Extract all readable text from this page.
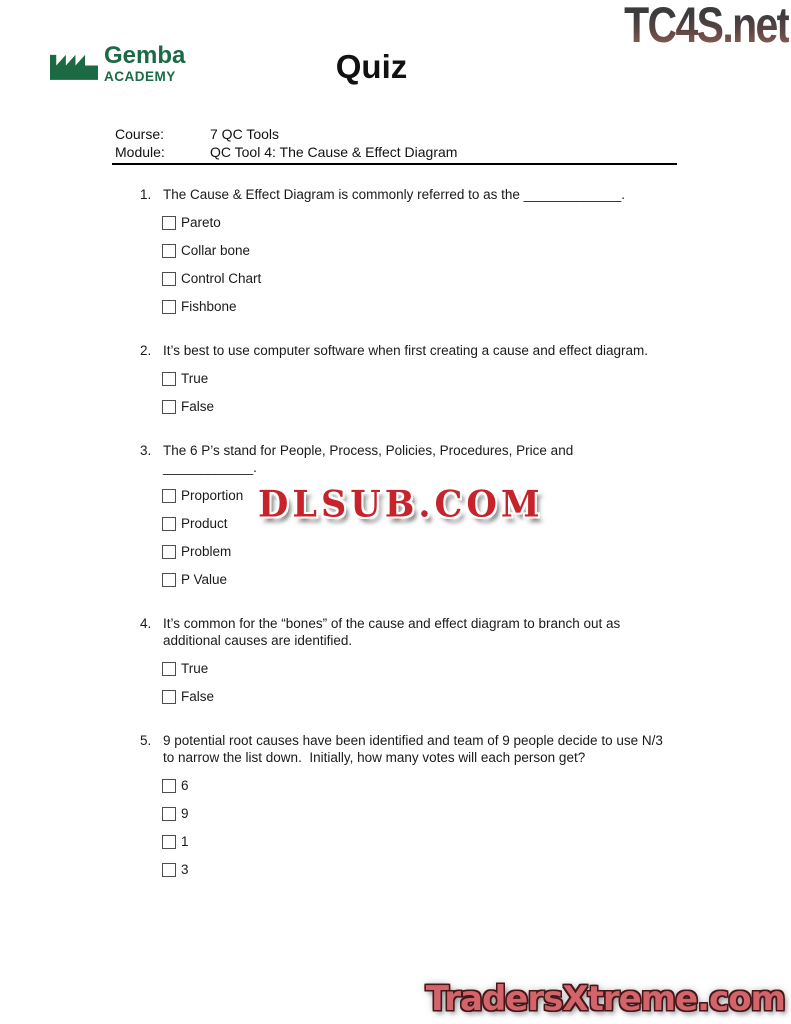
TC4S.net
Gemba
ACADEMY	Quiz
Course:	7 QC Tools
Module:	QC Tool 4: The Cause & Effect Diagram
1. The Cause & Effect Diagram is commonly referred to as the _____________.
Pareto
Collar bone
Control Chart
Fishbone
2. It’s best to use computer software when first creating a cause and effect diagram.
True
False
3. The 6 P’s stand for People, Process, Policies, Procedures, Price and ____________.
Proportion
Product
Problem
P Value
4. It’s common for the “bones” of the cause and effect diagram to branch out as additional causes are identified.
True
False
5. 9 potential root causes have been identified and team of 9 people decide to use N/3 to narrow the list down.  Initially, how many votes will each person get?
6
9
1
3
DLSUB.COM
TradersXtreme.com
